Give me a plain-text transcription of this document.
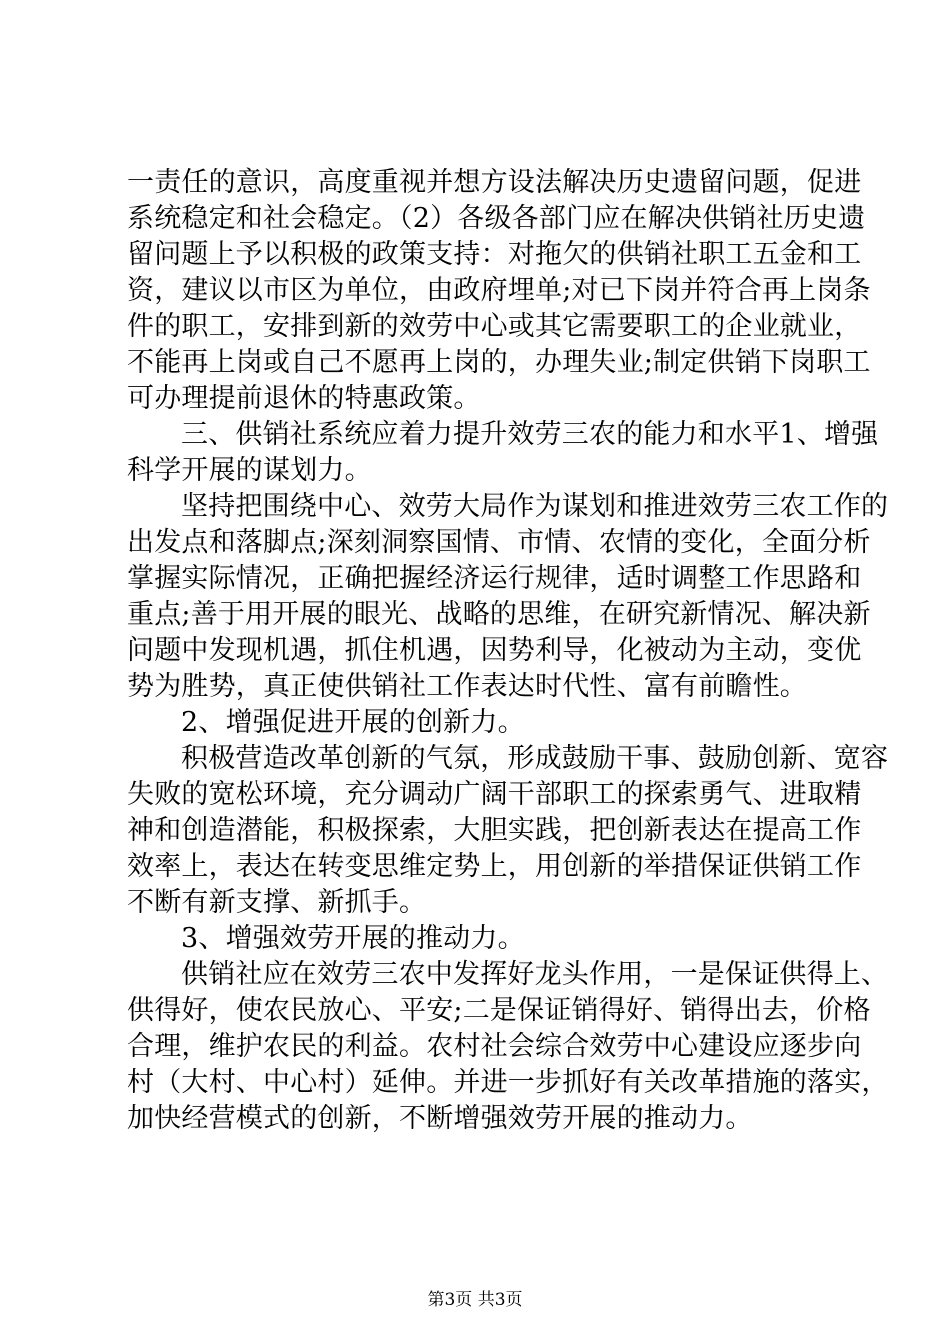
一责任的意识，高度重视并想方设法解决历史遗留问题，促进
系统稳定和社会稳定。（2）各级各部门应在解决供销社历史遗
留问题上予以积极的政策支持：对拖欠的供销社职工五金和工
资，建议以市区为单位，由政府埋单;对已下岗并符合再上岗条
件的职工，安排到新的效劳中心或其它需要职工的企业就业，
不能再上岗或自己不愿再上岗的，办理失业;制定供销下岗职工
可办理提前退休的特惠政策。
三、供销社系统应着力提升效劳三农的能力和水平1、增强
科学开展的谋划力。
坚持把围绕中心、效劳大局作为谋划和推进效劳三农工作的
出发点和落脚点;深刻洞察国情、市情、农情的变化，全面分析
掌握实际情况，正确把握经济运行规律，适时调整工作思路和
重点;善于用开展的眼光、战略的思维，在研究新情况、解决新
问题中发现机遇，抓住机遇，因势利导，化被动为主动，变优
势为胜势，真正使供销社工作表达时代性、富有前瞻性。
2、增强促进开展的创新力。
积极营造改革创新的气氛，形成鼓励干事、鼓励创新、宽容
失败的宽松环境，充分调动广阔干部职工的探索勇气、进取精
神和创造潜能，积极探索，大胆实践，把创新表达在提高工作
效率上，表达在转变思维定势上，用创新的举措保证供销工作
不断有新支撑、新抓手。
3、增强效劳开展的推动力。
供销社应在效劳三农中发挥好龙头作用，一是保证供得上、
供得好，使农民放心、平安;二是保证销得好、销得出去，价格
合理，维护农民的利益。农村社会综合效劳中心建设应逐步向
村（大村、中心村）延伸。并进一步抓好有关改革措施的落实，
加快经营模式的创新，不断增强效劳开展的推动力。
第3页 共3页
